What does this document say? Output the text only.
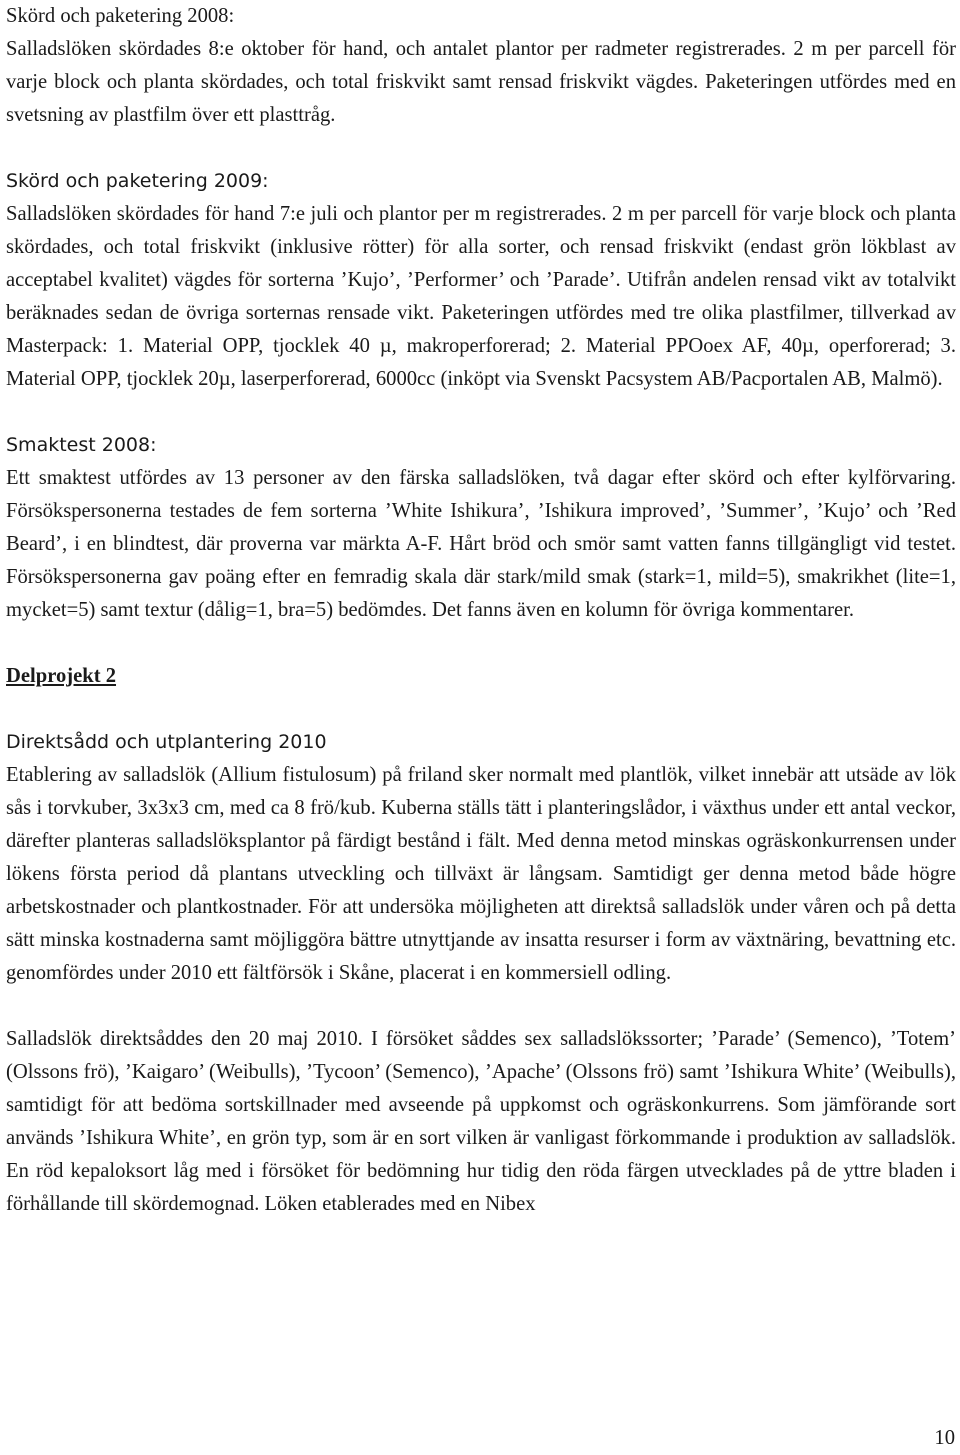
Skörd och paketering 2008:

Salladslöken skördades 8:e oktober för hand, och antalet plantor per radmeter registrerades. 2 m per parcell för varje block och planta skördades, och total friskvikt samt rensad friskvikt vägdes. Paketeringen utfördes med en svetsning av plastfilm över ett plasttråg.

Skörd och paketering 2009:

Salladslöken skördades för hand 7:e juli och plantor per m registrerades. 2 m per parcell för varje block och planta skördades, och total friskvikt (inklusive rötter) för alla sorter, och rensad friskvikt (endast grön lökblast av acceptabel kvalitet) vägdes för sorterna ’Kujo’, ’Performer’ och ’Parade’. Utifrån andelen rensad vikt av totalvikt beräknades sedan de övriga sorternas rensade vikt. Paketeringen utfördes med tre olika plastfilmer, tillverkad av Masterpack: 1. Material OPP, tjocklek 40 µ, makroperforerad; 2. Material PPOoex AF, 40µ, operforerad; 3. Material OPP, tjocklek 20µ, laserperforerad, 6000cc (inköpt via Svenskt Pacsystem AB/Pacportalen AB, Malmö).

Smaktest 2008:

Ett smaktest utfördes av 13 personer av den färska salladslöken, två dagar efter skörd och efter kylförvaring. Försökspersonerna testades de fem sorterna ’White Ishikura’, ’Ishikura improved’, ’Summer’, ’Kujo’ och ’Red Beard’, i en blindtest, där proverna var märkta A-F. Hårt bröd och smör samt vatten fanns tillgängligt vid testet. Försökspersonerna gav poäng efter en femradig skala där stark/mild smak (stark=1, mild=5), smakrikhet (lite=1, mycket=5) samt textur (dålig=1, bra=5) bedömdes. Det fanns även en kolumn för övriga kommentarer.

Delprojekt 2

Direktsådd och utplantering 2010

Etablering av salladslök (Allium fistulosum) på friland sker normalt med plantlök, vilket innebär att utsäde av lök sås i torvkuber, 3x3x3 cm, med ca 8 frö/kub. Kuberna ställs tätt i planteringslådor, i växthus under ett antal veckor, därefter planteras salladslöksplantor på färdigt bestånd i fält. Med denna metod minskas ogräskonkurrensen under lökens första period då plantans utveckling och tillväxt är långsam. Samtidigt ger denna metod både högre arbetskostnader och plantkostnader. För att undersöka möjligheten att direktså salladslök under våren och på detta sätt minska kostnaderna samt möjliggöra bättre utnyttjande av insatta resurser i form av växtnäring, bevattning etc. genomfördes under 2010 ett fältförsök i Skåne, placerat i en kommersiell odling.

Salladslök direktsåddes den 20 maj 2010. I försöket såddes sex salladslökssorter; ’Parade’ (Semenco), ’Totem’ (Olssons frö), ’Kaigaro’ (Weibulls), ’Tycoon’ (Semenco), ’Apache’ (Olssons frö) samt ’Ishikura White’ (Weibulls), samtidigt för att bedöma sortskillnader med avseende på uppkomst och ogräskonkurrens. Som jämförande sort används ’Ishikura White’, en grön typ, som är en sort vilken är vanligast förkommande i produktion av salladslök. En röd kepaloksort låg med i försöket för bedömning hur tidig den röda färgen utvecklades på de yttre bladen i förhållande till skördemognad. Löken etablerades med en Nibex

10
